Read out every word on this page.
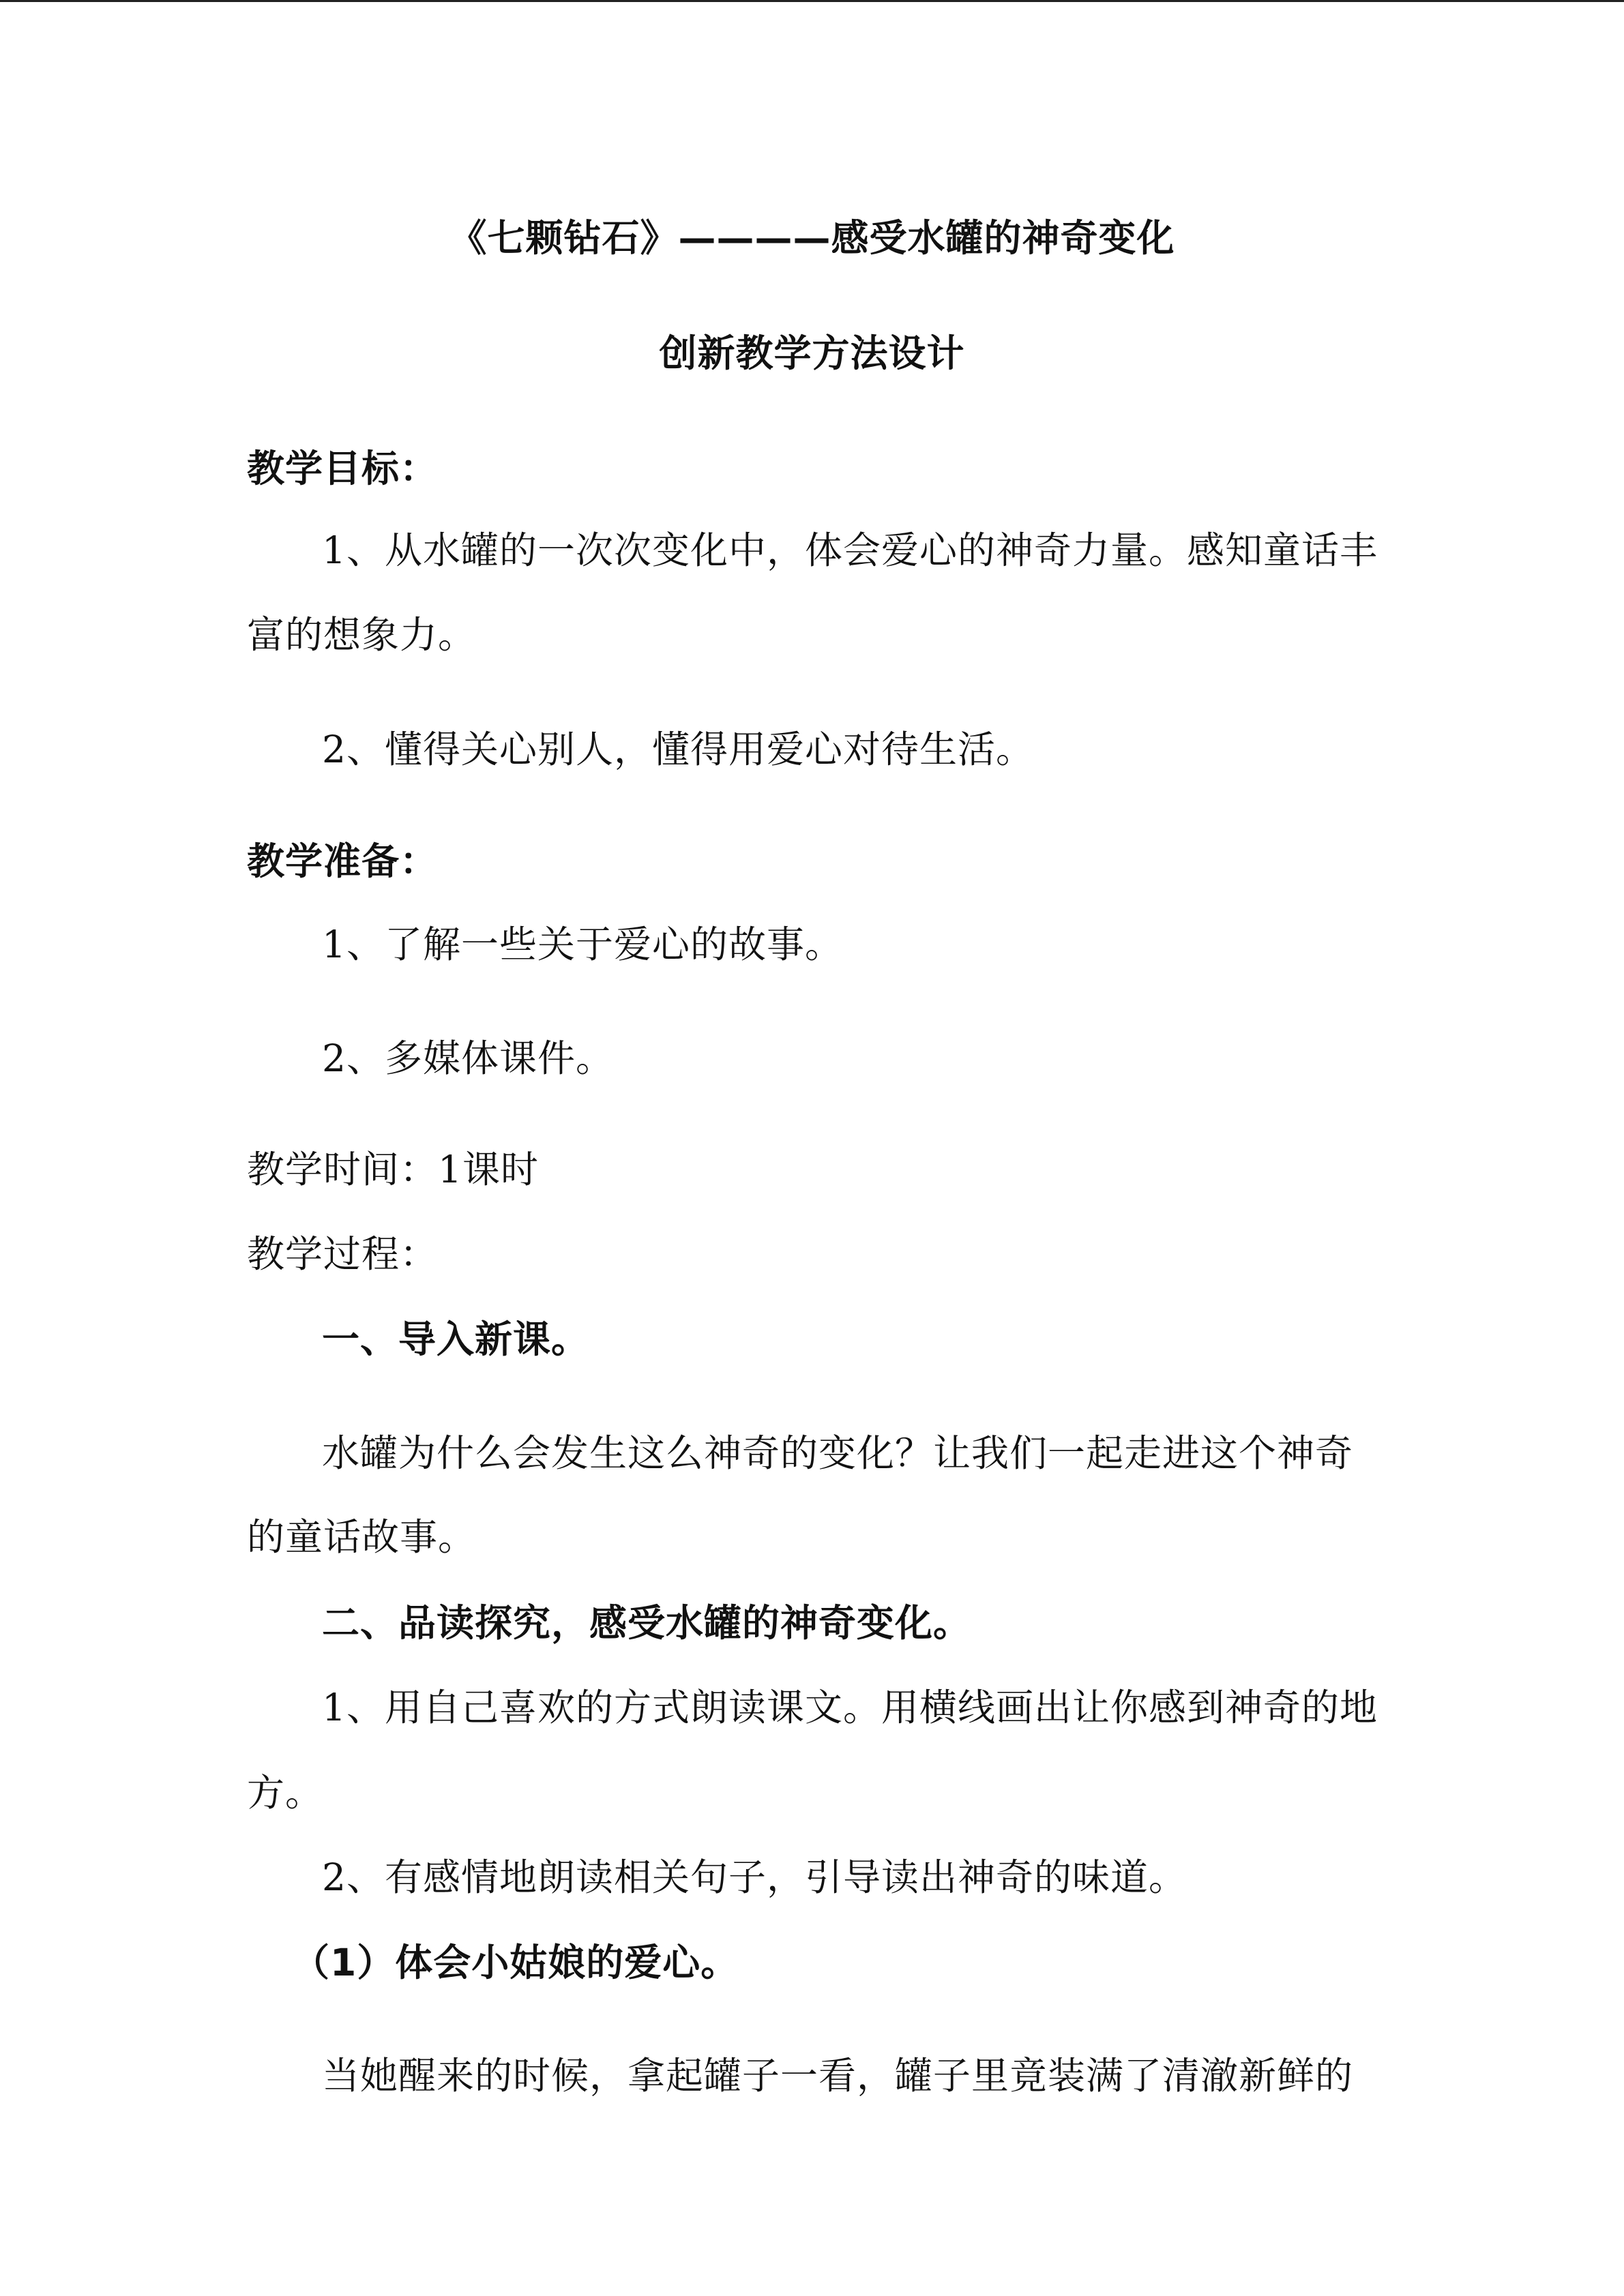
《七颗钻石》————感受水罐的神奇变化
创新教学方法设计
教学目标：
1、从水罐的一次次变化中，体会爱心的神奇力量。感知童话丰
富的想象力。
2、懂得关心别人，懂得用爱心对待生活。
教学准备：
1、了解一些关于爱心的故事。
2、多媒体课件。
教学时间：1课时
教学过程：
一、导入新课。
水罐为什么会发生这么神奇的变化？让我们一起走进这个神奇
的童话故事。
二、品读探究，感受水罐的神奇变化。
1、用自己喜欢的方式朗读课文。用横线画出让你感到神奇的地
方。
2、有感情地朗读相关句子，引导读出神奇的味道。
（1）体会小姑娘的爱心。
当她醒来的时候，拿起罐子一看，罐子里竟装满了清澈新鲜的
